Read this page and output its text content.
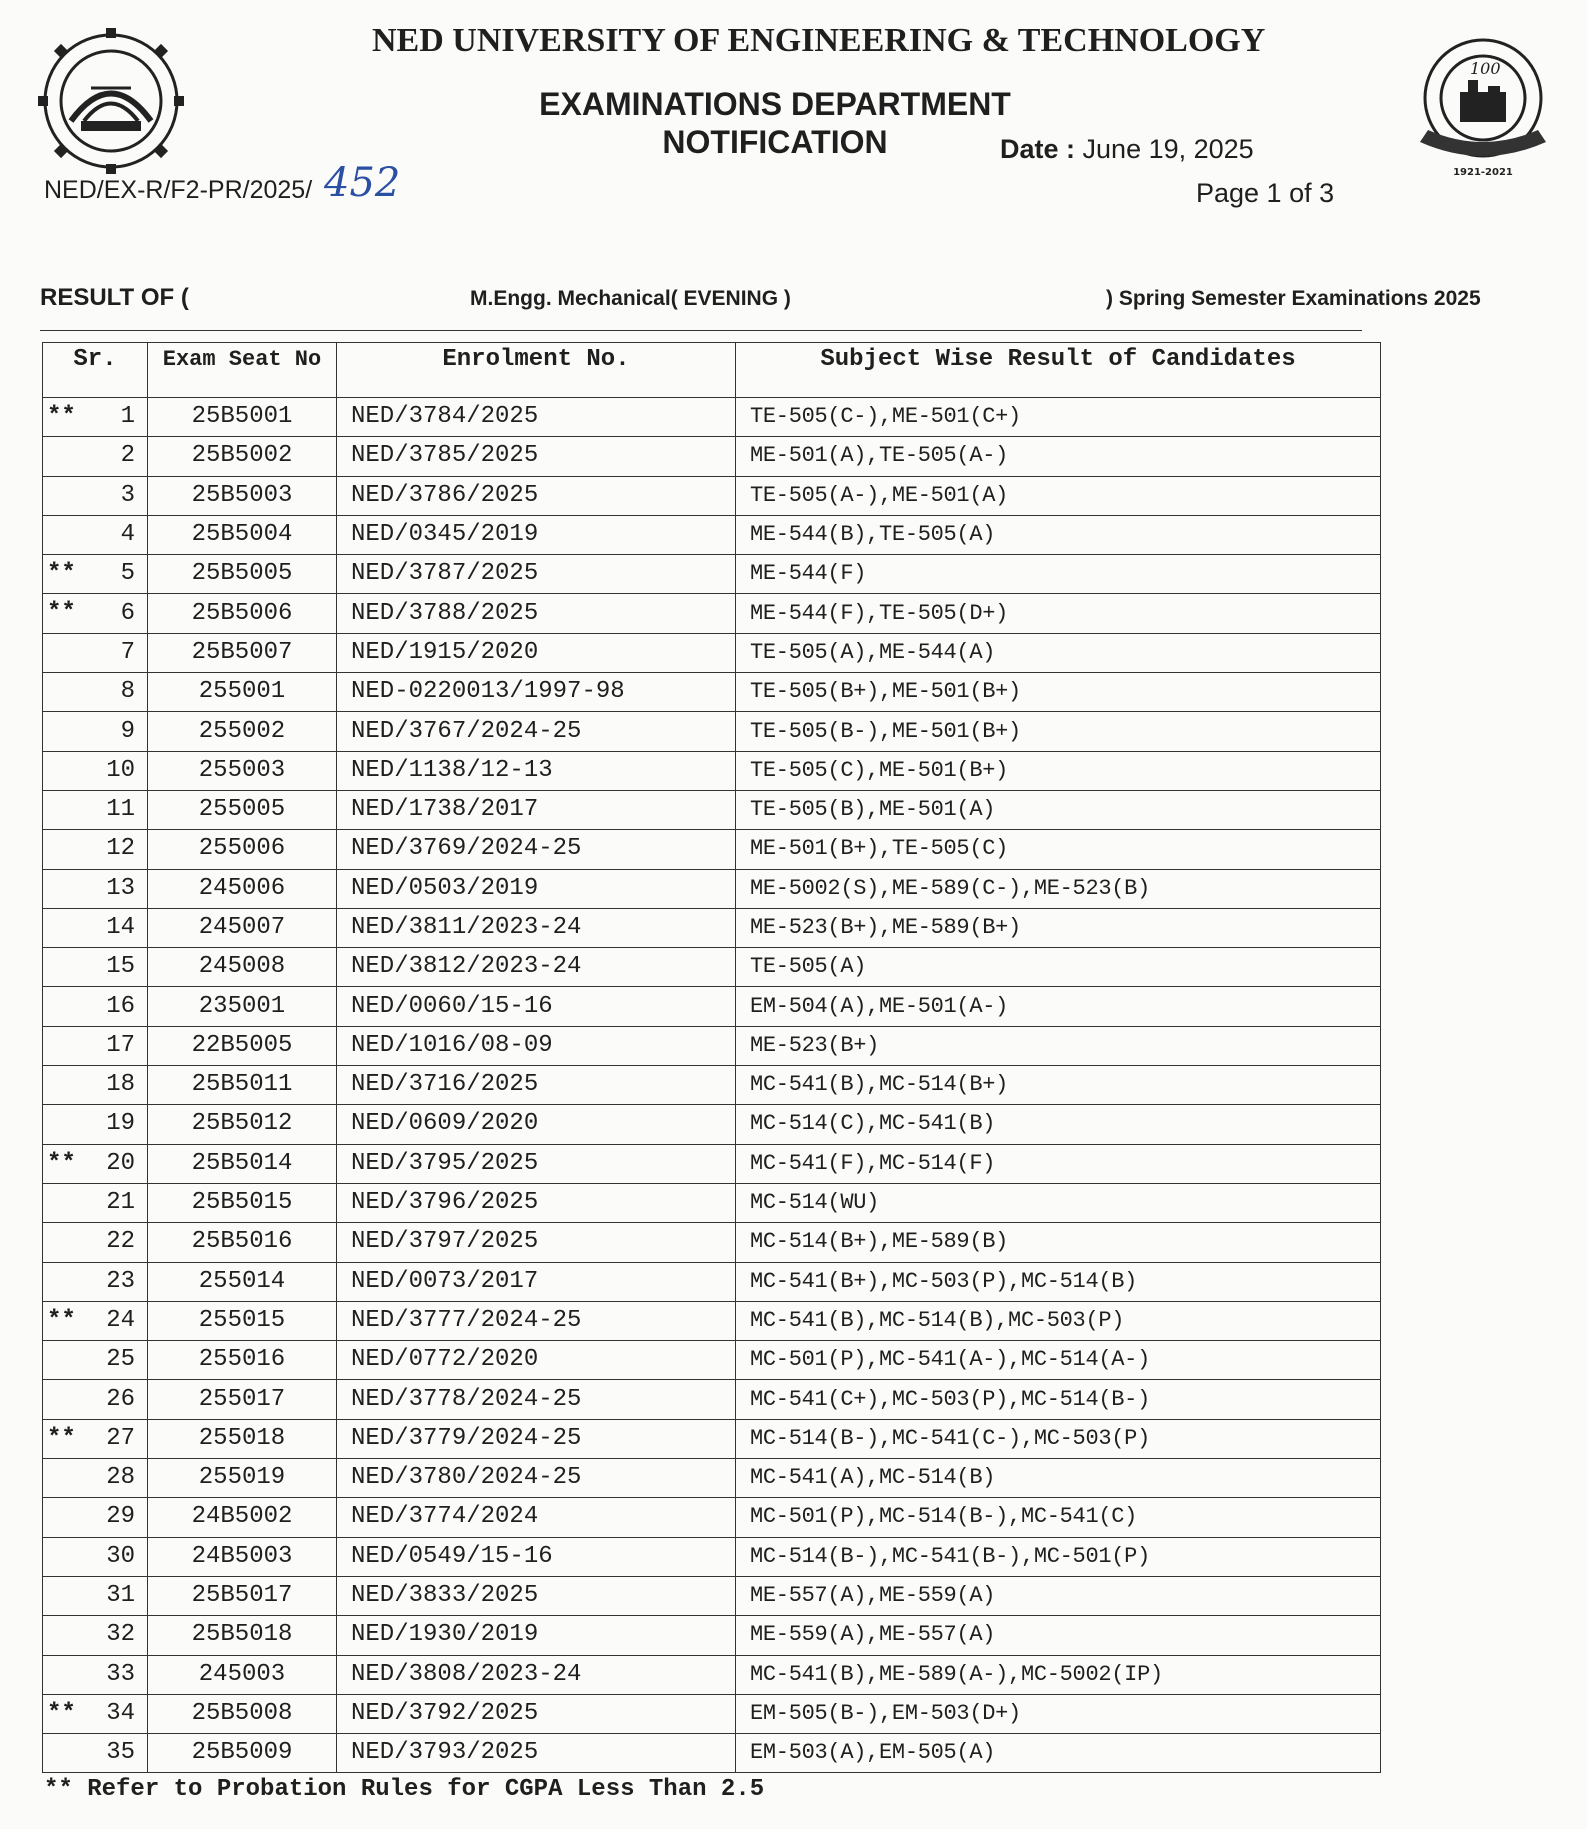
100
1921-2021
NED UNIVERSITY OF ENGINEERING & TECHNOLOGY
EXAMINATIONS DEPARTMENT
NOTIFICATION	Date : June 19, 2025
Page 1 of 3
NED/EX-R/F2-PR/2025/ 452
RESULT OF (	M.Engg. Mechanical( EVENING )	) Spring Semester Examinations 2025
Sr.	Exam Seat No	Enrolment No.	Subject Wise Result of Candidates

** 1	25B5001	NED/3784/2025	TE-505(C-),ME-501(C+)

2	25B5002	NED/3785/2025	ME-501(A),TE-505(A-)

3	25B5003	NED/3786/2025	TE-505(A-),ME-501(A)

4	25B5004	NED/0345/2019	ME-544(B),TE-505(A)

** 5	25B5005	NED/3787/2025	ME-544(F)

** 6	25B5006	NED/3788/2025	ME-544(F),TE-505(D+)

7	25B5007	NED/1915/2020	TE-505(A),ME-544(A)

8	255001	NED-0220013/1997-98	TE-505(B+),ME-501(B+)

9	255002	NED/3767/2024-25	TE-505(B-),ME-501(B+)

10	255003	NED/1138/12-13	TE-505(C),ME-501(B+)

11	255005	NED/1738/2017	TE-505(B),ME-501(A)

12	255006	NED/3769/2024-25	ME-501(B+),TE-505(C)

13	245006	NED/0503/2019	ME-5002(S),ME-589(C-),ME-523(B)

14	245007	NED/3811/2023-24	ME-523(B+),ME-589(B+)

15	245008	NED/3812/2023-24	TE-505(A)

16	235001	NED/0060/15-16	EM-504(A),ME-501(A-)

17	22B5005	NED/1016/08-09	ME-523(B+)

18	25B5011	NED/3716/2025	MC-541(B),MC-514(B+)

19	25B5012	NED/0609/2020	MC-514(C),MC-541(B)

** 20	25B5014	NED/3795/2025	MC-541(F),MC-514(F)

21	25B5015	NED/3796/2025	MC-514(WU)

22	25B5016	NED/3797/2025	MC-514(B+),ME-589(B)

23	255014	NED/0073/2017	MC-541(B+),MC-503(P),MC-514(B)

** 24	255015	NED/3777/2024-25	MC-541(B),MC-514(B),MC-503(P)

25	255016	NED/0772/2020	MC-501(P),MC-541(A-),MC-514(A-)

26	255017	NED/3778/2024-25	MC-541(C+),MC-503(P),MC-514(B-)

** 27	255018	NED/3779/2024-25	MC-514(B-),MC-541(C-),MC-503(P)

28	255019	NED/3780/2024-25	MC-541(A),MC-514(B)

29	24B5002	NED/3774/2024	MC-501(P),MC-514(B-),MC-541(C)

30	24B5003	NED/0549/15-16	MC-514(B-),MC-541(B-),MC-501(P)

31	25B5017	NED/3833/2025	ME-557(A),ME-559(A)

32	25B5018	NED/1930/2019	ME-559(A),ME-557(A)

33	245003	NED/3808/2023-24	MC-541(B),ME-589(A-),MC-5002(IP)

** 34	25B5008	NED/3792/2025	EM-505(B-),EM-503(D+)

35	25B5009	NED/3793/2025	EM-503(A),EM-505(A)
** Refer to Probation Rules for CGPA Less Than 2.5
